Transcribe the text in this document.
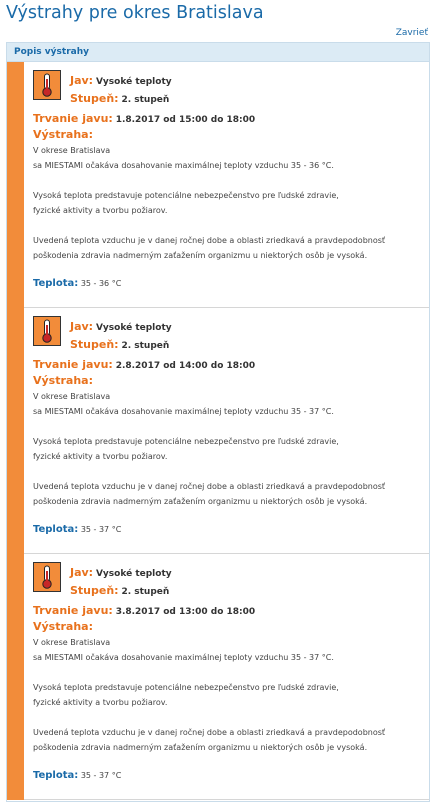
Výstrahy pre okres Bratislava
Zavrieť
Popis výstrahy
Jav: Vysoké teploty
Stupeň: 2. stupeň
Trvanie javu: 1.8.2017 od 15:00 do 18:00
Výstraha:
V okrese Bratislava
sa MIESTAMI očakáva dosahovanie maximálnej teploty vzduchu 35 - 36 °C.
Vysoká teplota predstavuje potenciálne nebezpečenstvo pre ľudské zdravie,
fyzické aktivity a tvorbu požiarov.
Uvedená teplota vzduchu je v danej ročnej dobe a oblasti zriedkavá a pravdepodobnosť
poškodenia zdravia nadmerným zaťažením organizmu u niektorých osôb je vysoká.
Teplota: 35 - 36 °C
Jav: Vysoké teploty
Stupeň: 2. stupeň
Trvanie javu: 2.8.2017 od 14:00 do 18:00
Výstraha:
V okrese Bratislava
sa MIESTAMI očakáva dosahovanie maximálnej teploty vzduchu 35 - 37 °C.
Vysoká teplota predstavuje potenciálne nebezpečenstvo pre ľudské zdravie,
fyzické aktivity a tvorbu požiarov.
Uvedená teplota vzduchu je v danej ročnej dobe a oblasti zriedkavá a pravdepodobnosť
poškodenia zdravia nadmerným zaťažením organizmu u niektorých osôb je vysoká.
Teplota: 35 - 37 °C
Jav: Vysoké teploty
Stupeň: 2. stupeň
Trvanie javu: 3.8.2017 od 13:00 do 18:00
Výstraha:
V okrese Bratislava
sa MIESTAMI očakáva dosahovanie maximálnej teploty vzduchu 35 - 37 °C.
Vysoká teplota predstavuje potenciálne nebezpečenstvo pre ľudské zdravie,
fyzické aktivity a tvorbu požiarov.
Uvedená teplota vzduchu je v danej ročnej dobe a oblasti zriedkavá a pravdepodobnosť
poškodenia zdravia nadmerným zaťažením organizmu u niektorých osôb je vysoká.
Teplota: 35 - 37 °C
